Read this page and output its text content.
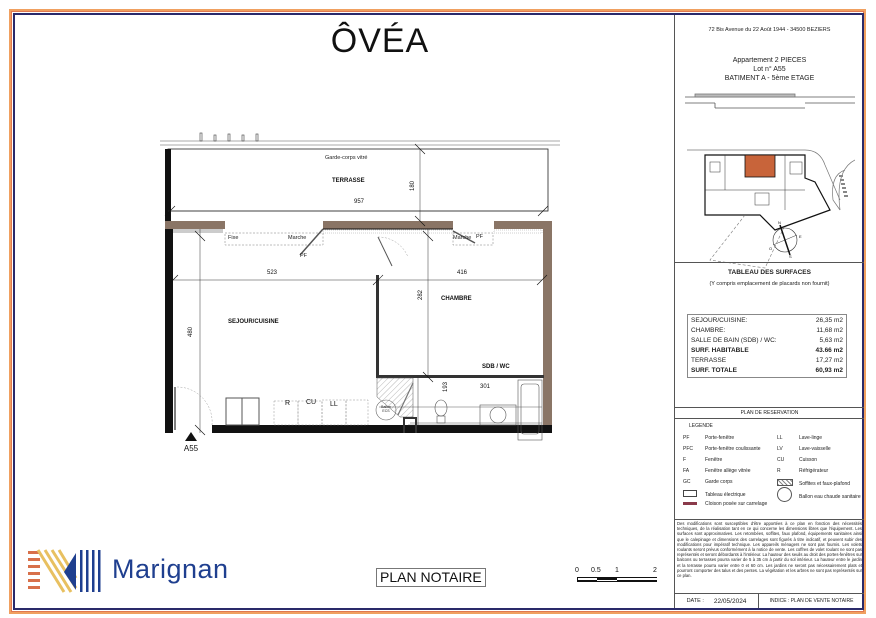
ÔVÉA
Garde-corps vitré
TERRASSE
957
180
Fixe	Marche
PF
Marche PF
523
480
SEJOUR/CUISINE
416
282	CHAMBRE
SDB / WC
301
193
R CU LL	Ballon ECS
A55
Marignan	PLAN NOTAIRE	0 0.5 1	2
72 Bis Avenue du 22 Août 1944 - 34500 BEZIERS
Appartement 2 PIECES
Lot n° A55
BATIMENT A - 5ème ETAGE
N
E
S
O
TABLEAU DES SURFACES
(Y compris emplacement de placards non fournit)
SEJOUR/CUISINE:	26,35 m2
CHAMBRE:	11,68 m2
SALLE DE BAIN (SDB) / WC:	5,63 m2
SURF. HABITABLE	43.66 m2
TERRASSE	17,27 m2
SURF. TOTALE	60,93 m2
PLAN DE RESERVATION
LEGENDE
PF	Porte-fenêtre
PFC	Porte-fenêtre coulissante
F	Fenêtre
FA	Fenêtre allège vitrée
GC	Garde corps
Tableau électrique
Cloison posée sur carrelage
LL	Lave-linge
LV	Lave-vaisselle
CU	Cuisson
R	Réfrigérateur
Soffites et faux-plafond
Ballon eau chaude sanitaire
Des modifications sont susceptibles d'être apportées à ce plan en fonction des nécessités techniques, de la réalisation tant en ce qui concerne les dimensions libres que l'équipement. Les surfaces sont approximatives. Les retombées, soffites, faux plafond, équipements sanitaires ainsi que le calepinage et dimensions des carrelages sont figurés à titre indicatif, et peuvent subir des modifications pour impératif technique. Les appareils ménagers ne sont pas fournis. Les volets roulants seront prévus conformément à la notice de vente. Les coffres de volet roulant ne sont pas représentés et seront débordants à l'intérieur. La hauteur des seuils au droit des portes-fenêtres sur balcons ou terrasses pourra varier de 5 à 35 cm à partir du sol intérieur. La hauteur entre le jardin et la terrasse pourra varier entre 0 et 60 cm. Les jardins ne seront pas nécessairement plats et pourront comporter des talus et des pentes. La végétation et les arbres ne sont pas représentés sur ce plan.
DATE : 22/05/2024	INDICE : PLAN DE VENTE NOTAIRE
